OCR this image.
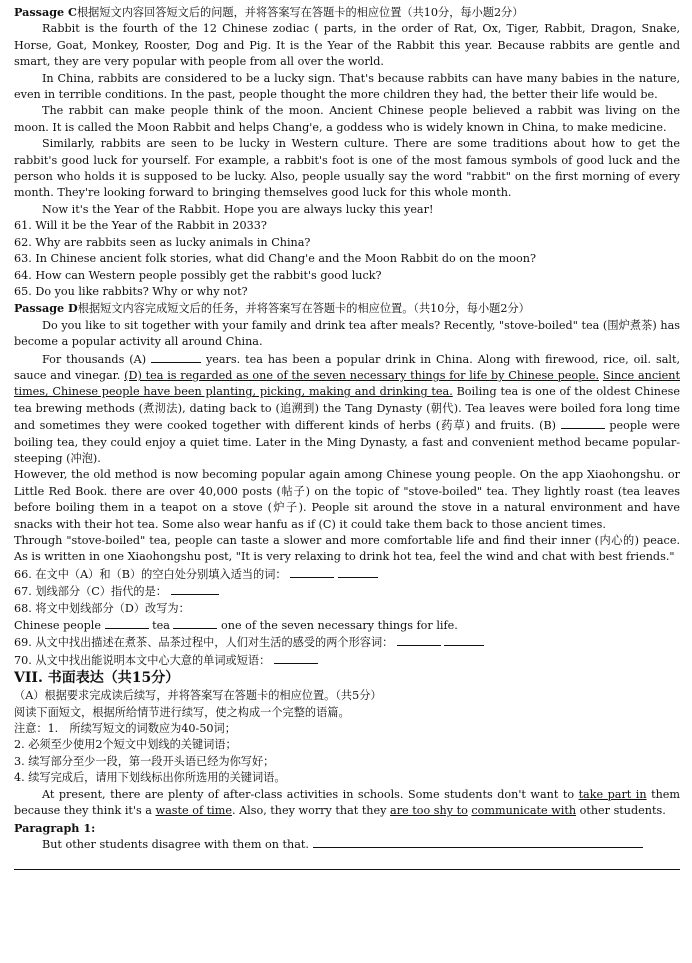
Passage C根据短文内容回答短文后的问题，并将答案写在答题卡的相应位置（共10分，每小题2分）

Rabbit is the fourth of the 12 Chinese zodiac ( parts, in the order of Rat, Ox, Tiger, Rabbit, Dragon, Snake, Horse, Goat, Monkey, Rooster, Dog and Pig. It is the Year of the Rabbit this year. Because rabbits are gentle and smart, they are very popular with people from all over the world.

In China, rabbits are considered to be a lucky sign. That's because rabbits can have many babies in the nature, even in terrible conditions. In the past, people thought the more children they had, the better their life would be.

The rabbit can make people think of the moon. Ancient Chinese people believed a rabbit was living on the moon. It is called the Moon Rabbit and helps Chang'e, a goddess who is widely known in China, to make medicine.

Similarly, rabbits are seen to be lucky in Western culture. There are some traditions about how to get the rabbit's good luck for yourself. For example, a rabbit's foot is one of the most famous symbols of good luck and the person who holds it is supposed to be lucky. Also, people usually say the word "rabbit" on the first morning of every month. They're looking forward to bringing themselves good luck for this whole month.

Now it's the Year of the Rabbit. Hope you are always lucky this year!

61. Will it be the Year of the Rabbit in 2033?

62. Why are rabbits seen as lucky animals in China?

63. In Chinese ancient folk stories, what did Chang'e and the Moon Rabbit do on the moon?

64. How can Western people possibly get the rabbit's good luck?

65. Do you like rabbits? Why or why not?

Passage D根据短文内容完成短文后的任务，并将答案写在答题卡的相应位置。（共10分，每小题2分）

Do you like to sit together with your family and drink tea after meals? Recently, "stove-boiled" tea (围炉煮茶) has become a popular activity all around China.

For thousands (A)	years. tea has been a popular drink in China. Along with firewood, rice, oil. salt, sauce and vinegar. (D) tea is regarded as one of the seven necessary things for life by Chinese people. Since ancient times, Chinese people have been planting, picking, making and drinking tea. Boiling tea is one of the oldest Chinese tea brewing methods (煮沏法), dating back to (追溯到) the Tang Dynasty (朝代). Tea leaves were boiled fora long time and sometimes they were cooked together with different kinds of herbs (药草) and fruits. (B)	people were boiling tea, they could enjoy a quiet time. Later in the Ming Dynasty, a fast and convenient method became popular-steeping (冲泡).

However, the old method is now becoming popular again among Chinese young people. On the app Xiaohongshu. or Little Red Book. there are over 40,000 posts (帖子) on the topic of "stove-boiled" tea. They lightly roast (tea leaves before boiling them in a teapot on a stove (炉子). People sit around the stove in a natural environment and have snacks with their hot tea. Some also wear hanfu as if (C) it could take them back to those ancient times.

Through "stove-boiled" tea, people can taste a slower and more comfortable life and find their inner (内心的) peace. As is written in one Xiaohongshu post, "It is very relaxing to drink hot tea, feel the wind and chat with best friends."

66. 在文中（A）和（B）的空白处分别填入适当的词：

67. 划线部分（C）指代的是：

68. 将文中划线部分（D）改写为：

Chinese people	tea	one of the seven necessary things for life.

69. 从文中找出描述在煮茶、品茶过程中，人们对生活的感受的两个形容词：

70. 从文中找出能说明本文中心大意的单词或短语：

VII. 书面表达（共15分）

（A）根据要求完成读后续写，并将答案写在答题卡的相应位置。（共5分）

阅读下面短文，根据所给情节进行续写，使之构成一个完整的语篇。

注意：1.　所续写短文的词数应为40-50词；

2. 必须至少使用2个短文中划线的关键词语；

3. 续写部分至少一段，第一段开头语已经为你写好；

4. 续写完成后，请用下划线标出你所选用的关键词语。

At present, there are plenty of after-class activities in schools. Some students don't want to take part in them because they think it's a waste of time. Also, they worry that they are too shy to communicate with other students.

Paragraph 1:

But other students disagree with them on that.
